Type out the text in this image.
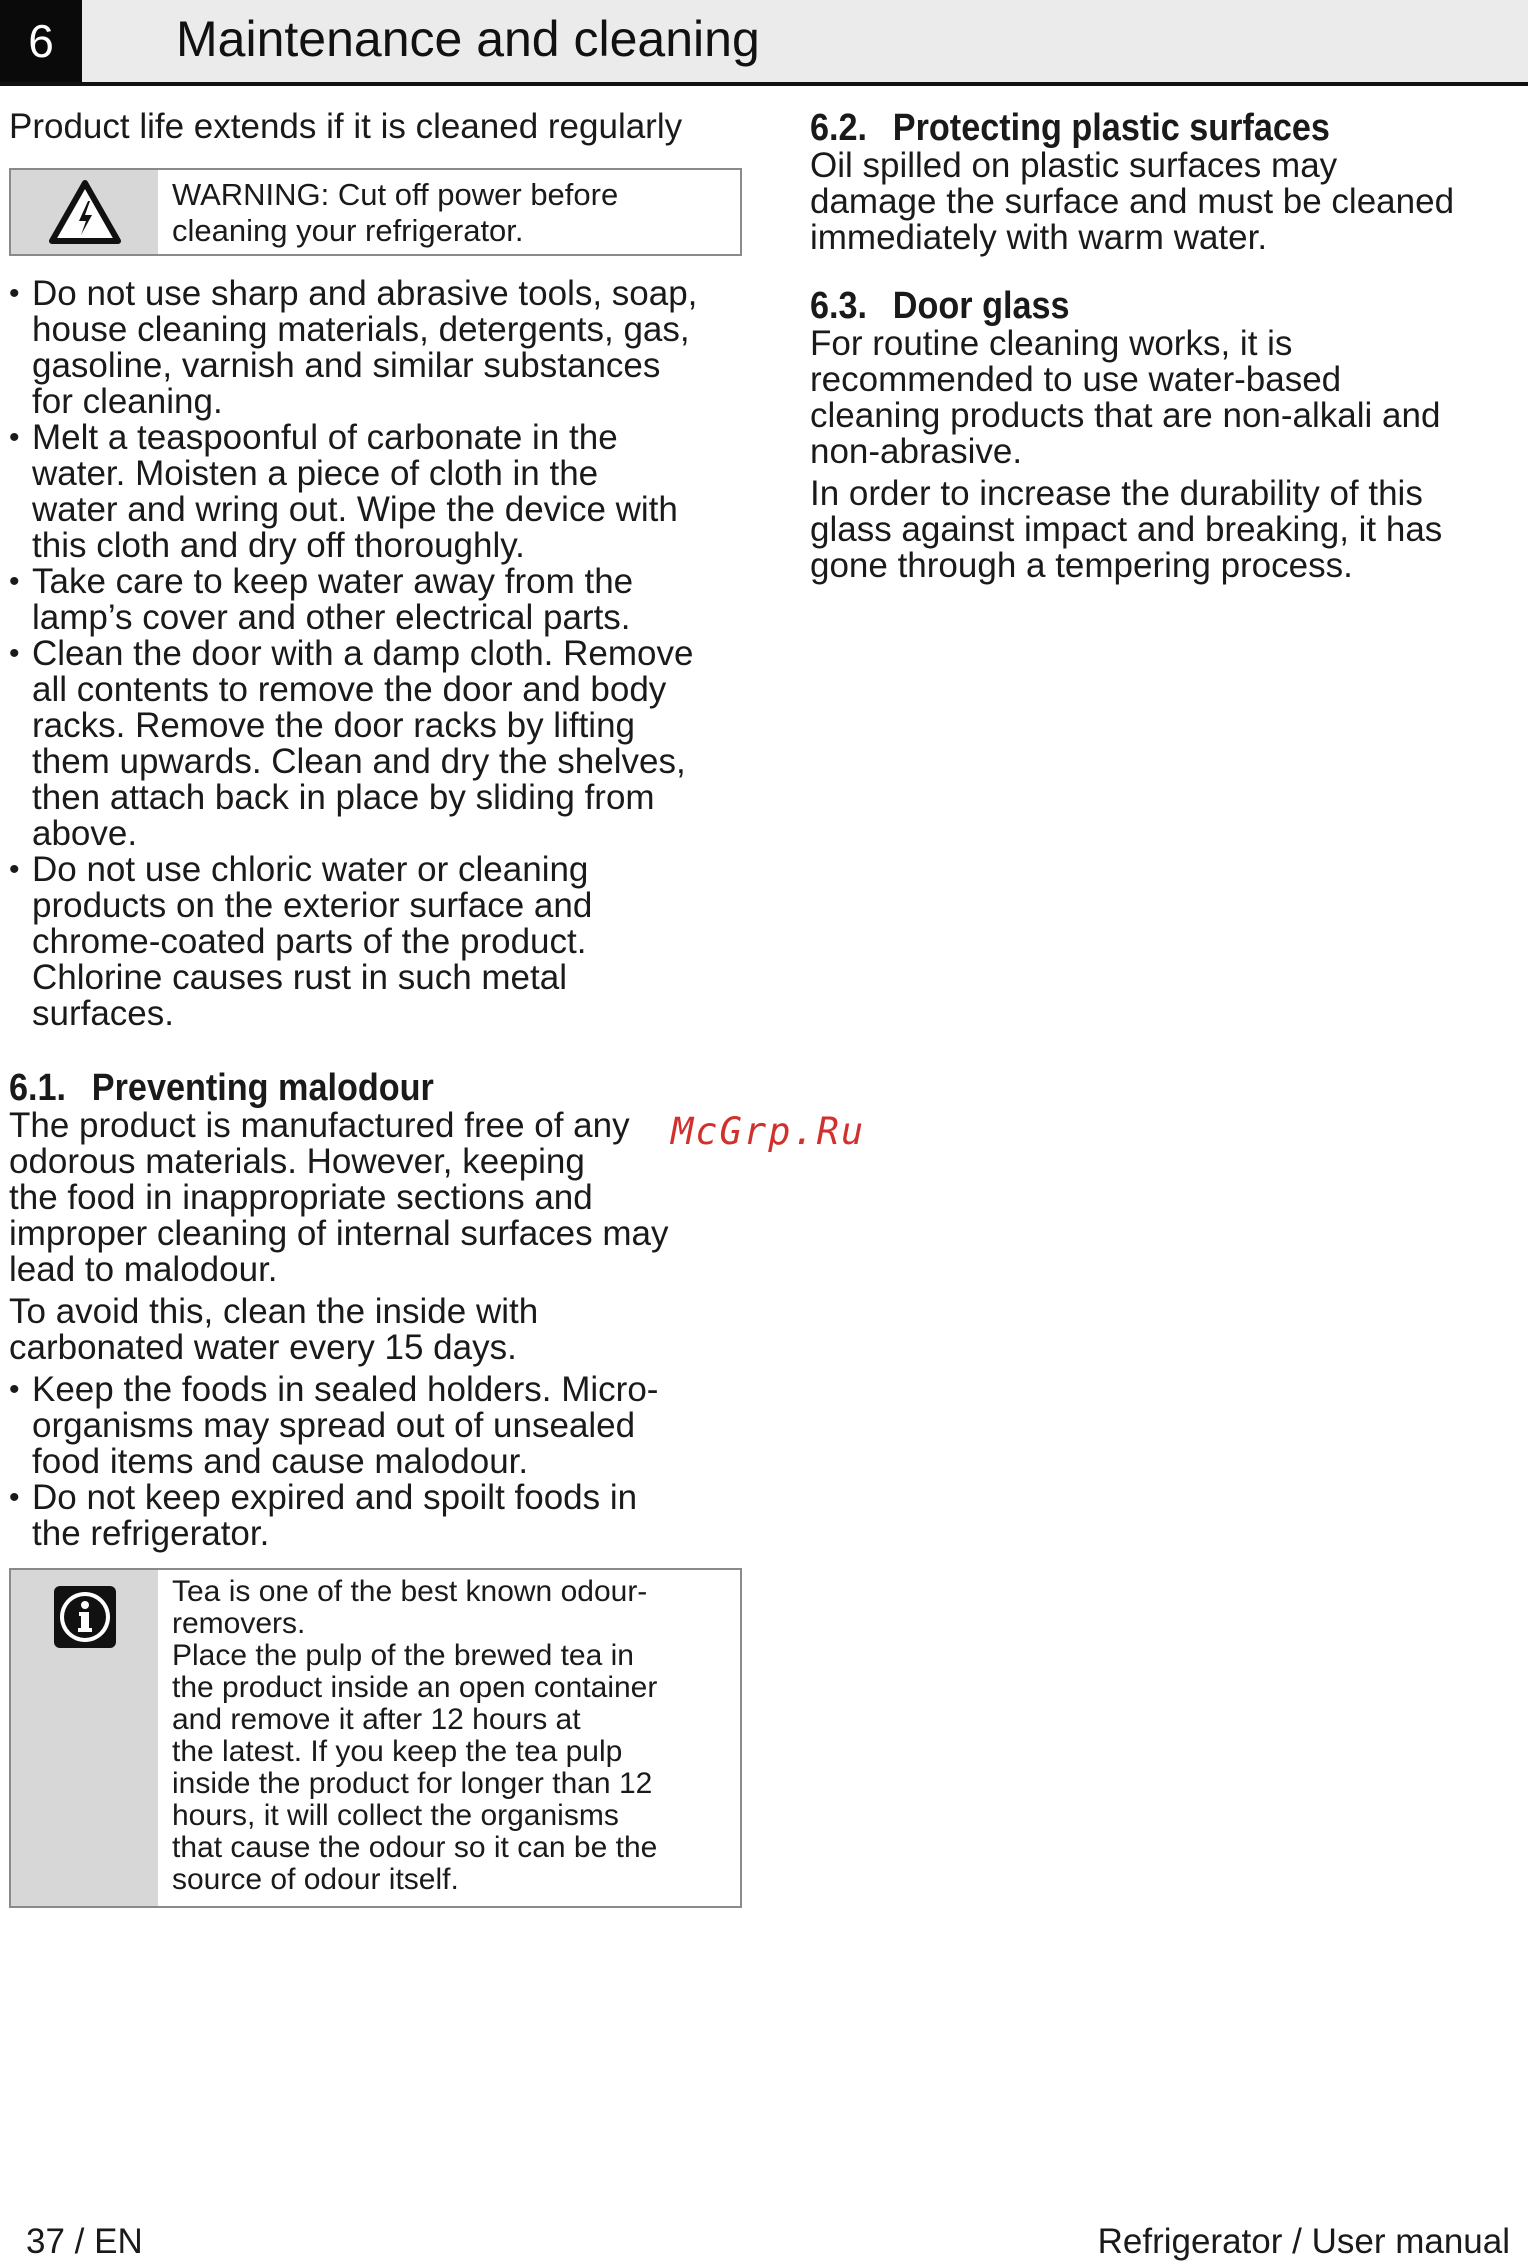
6	Maintenance and cleaning
Product life extends if it is cleaned regularly
WARNING: Cut off power before
cleaning your refrigerator.
• Do not use sharp and abrasive tools, soap,
house cleaning materials, detergents, gas,
gasoline, varnish and similar substances
for cleaning.
• Melt a teaspoonful of carbonate in the
water. Moisten a piece of cloth in the
water and wring out. Wipe the device with
this cloth and dry off thoroughly.
• Take care to keep water away from the
lamp’s cover and other electrical parts.
• Clean the door with a damp cloth. Remove
all contents to remove the door and body
racks. Remove the door racks by lifting
them upwards. Clean and dry the shelves,
then attach back in place by sliding from
above.
• Do not use chloric water or cleaning
products on the exterior surface and
chrome-coated parts of the product.
Chlorine causes rust in such metal
surfaces.
6.1. Preventing malodour
The product is manufactured free of any
odorous materials. However, keeping
the food in inappropriate sections and
improper cleaning of internal surfaces may
lead to malodour.
To avoid this, clean the inside with
carbonated water every 15 days.
• Keep the foods in sealed holders. Micro-
organisms may spread out of unsealed
food items and cause malodour.
• Do not keep expired and spoilt foods in
the refrigerator.
Tea is one of the best known odour-
removers.
Place the pulp of the brewed tea in
the product inside an open container
and remove it after 12 hours at
the latest. If you keep the tea pulp
inside the product for longer than 12
hours, it will collect the organisms
that cause the odour so it can be the
source of odour itself.
6.2. Protecting plastic surfaces
Oil spilled on plastic surfaces may
damage the surface and must be cleaned
immediately with warm water.
6.3. Door glass
For routine cleaning works, it is
recommended to use water-based
cleaning products that are non-alkali and
non-abrasive.
In order to increase the durability of this
glass against impact and breaking, it has
gone through a tempering process.
McGrp.Ru
37 / EN	Refrigerator / User manual
